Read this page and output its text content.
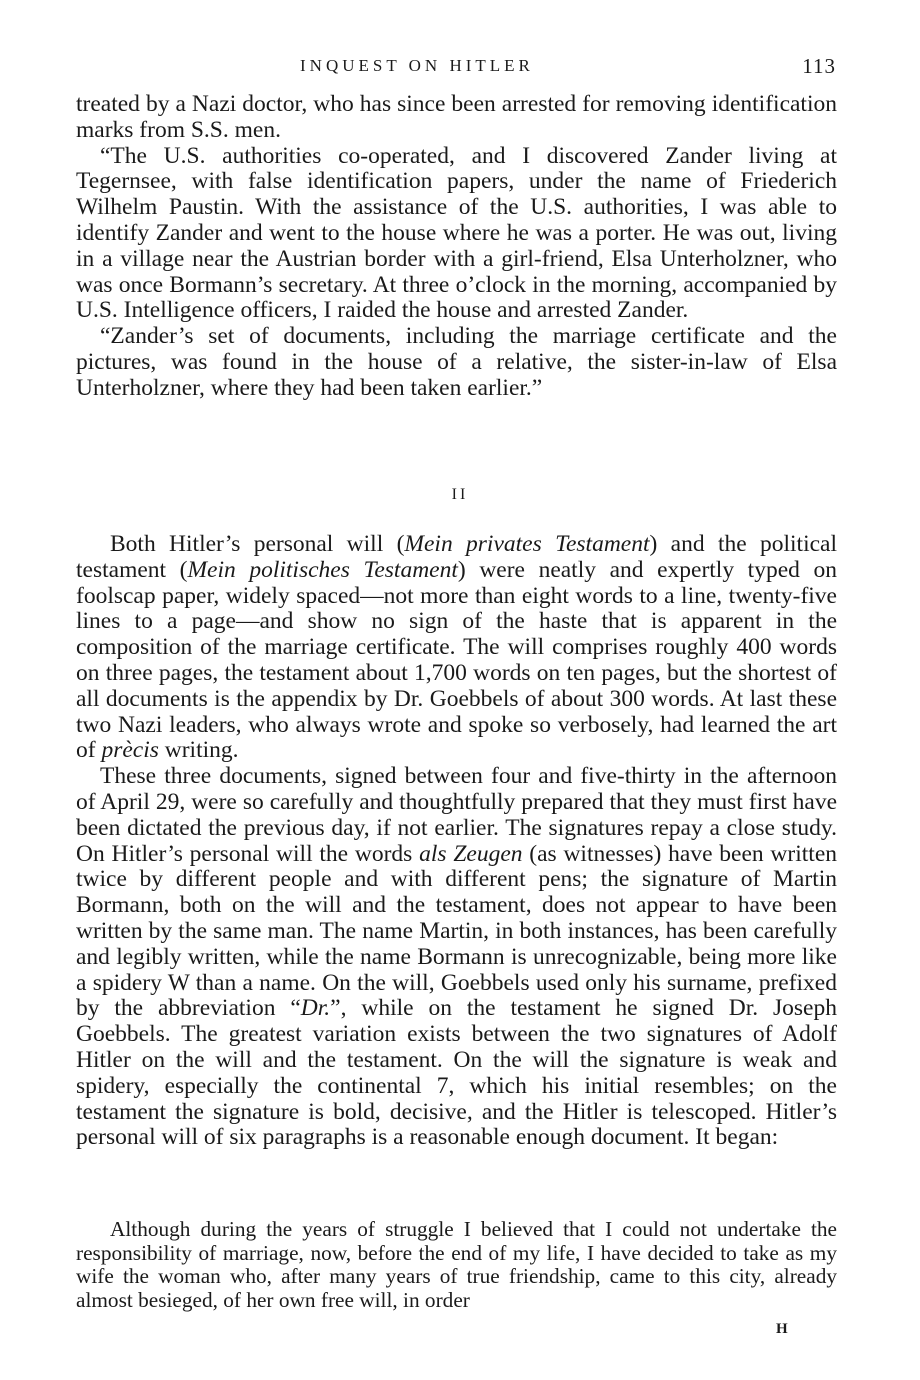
INQUEST ON HITLER	113

treated by a Nazi doctor, who has since been arrested for removing identification marks from S.S. men.

“The U.S. authorities co-operated, and I discovered Zander living at Tegernsee, with false identification papers, under the name of Friederich Wilhelm Paustin. With the assistance of the U.S. authorities, I was able to identify Zander and went to the house where he was a porter. He was out, living in a village near the Austrian border with a girl-friend, Elsa Unterholzner, who was once Bormann’s secretary. At three o’clock in the morning, accompanied by U.S. Intelligence officers, I raided the house and arrested Zander.

“Zander’s set of documents, including the marriage certificate and the pictures, was found in the house of a relative, the sister-in-law of Elsa Unterholzner, where they had been taken earlier.”

II

Both Hitler’s personal will (Mein privates Testament) and the political testament (Mein politisches Testament) were neatly and expertly typed on foolscap paper, widely spaced—not more than eight words to a line, twenty-five lines to a page—and show no sign of the haste that is apparent in the composition of the marriage certificate. The will comprises roughly 400 words on three pages, the testament about 1,700 words on ten pages, but the shortest of all documents is the appendix by Dr. Goebbels of about 300 words. At last these two Nazi leaders, who always wrote and spoke so verbosely, had learned the art of prècis writing.

These three documents, signed between four and five-thirty in the afternoon of April 29, were so carefully and thoughtfully prepared that they must first have been dictated the previous day, if not earlier. The signatures repay a close study. On Hitler’s personal will the words als Zeugen (as witnesses) have been written twice by different people and with different pens; the signature of Martin Bormann, both on the will and the testament, does not appear to have been written by the same man. The name Martin, in both instances, has been carefully and legibly written, while the name Bormann is unrecognizable, being more like a spidery W than a name. On the will, Goebbels used only his surname, prefixed by the abbreviation “Dr.”, while on the testament he signed Dr. Joseph Goebbels. The greatest variation exists between the two signatures of Adolf Hitler on the will and the testament. On the will the signature is weak and spidery, especially the continental 7, which his initial resembles; on the testament the signature is bold, decisive, and the Hitler is telescoped. Hitler’s personal will of six paragraphs is a reasonable enough document. It began:

Although during the years of struggle I believed that I could not undertake the responsibility of marriage, now, before the end of my life, I have decided to take as my wife the woman who, after many years of true friendship, came to this city, already almost besieged, of her own free will, in order

H
